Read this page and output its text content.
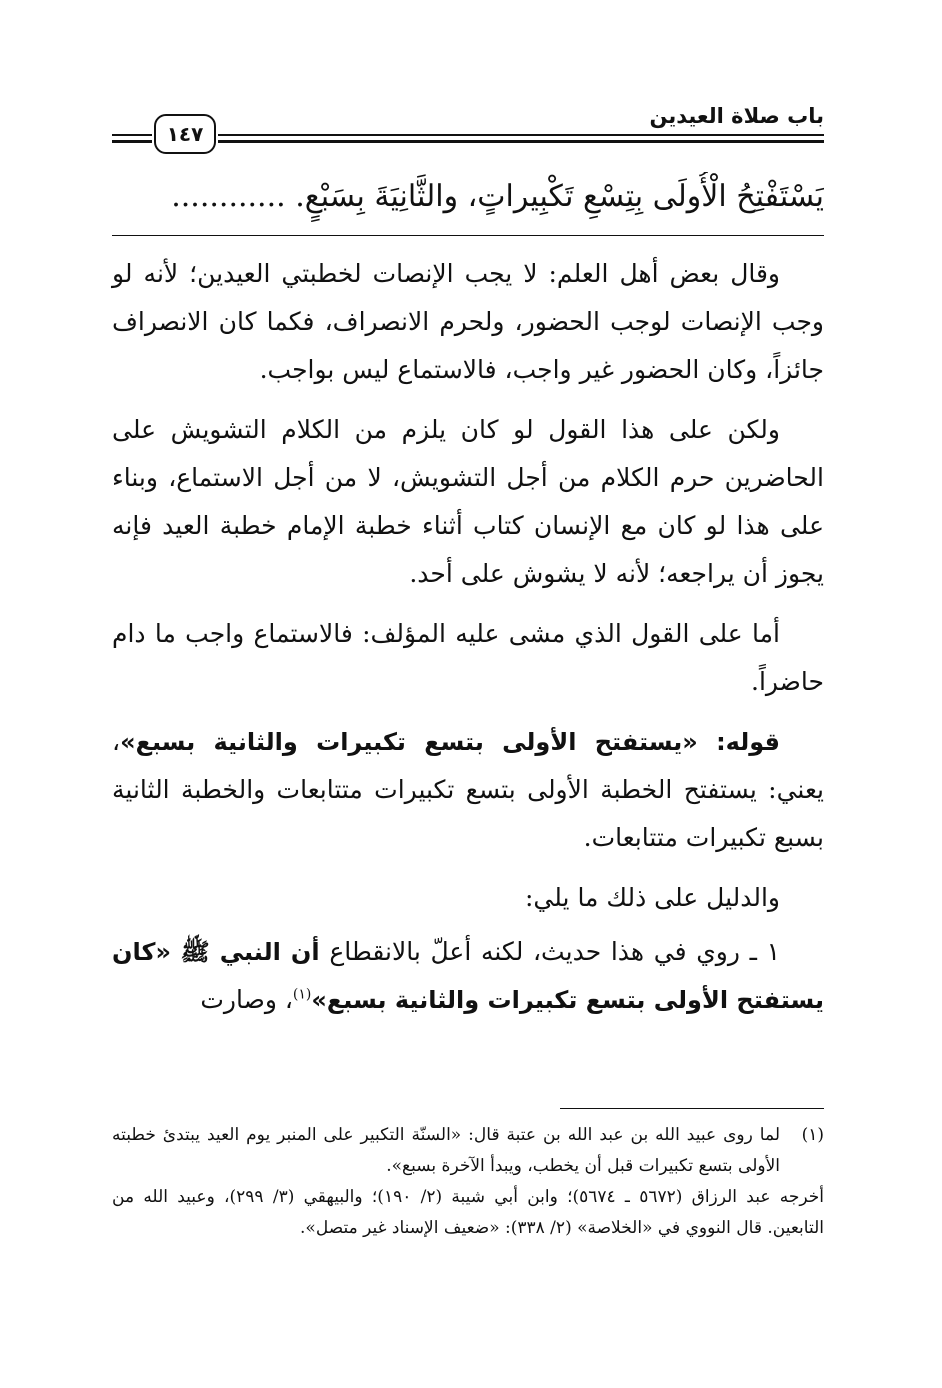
باب صلاة العيدين
١٤٧
يَسْتَفْتِحُ الْأُولَى بِتِسْعِ تَكْبِيراتٍ، والثَّانِيَةَ بِسَبْعٍ. ............

وقال بعض أهل العلم: لا يجب الإنصات لخطبتي العيدين؛ لأنه لو وجب الإنصات لوجب الحضور، ولحرم الانصراف، فكما كان الانصراف جائزاً، وكان الحضور غير واجب، فالاستماع ليس بواجب.

ولكن على هذا القول لو كان يلزم من الكلام التشويش على الحاضرين حرم الكلام من أجل التشويش، لا من أجل الاستماع، وبناء على هذا لو كان مع الإنسان كتاب أثناء خطبة الإمام خطبة العيد فإنه يجوز أن يراجعه؛ لأنه لا يشوش على أحد.

أما على القول الذي مشى عليه المؤلف: فالاستماع واجب ما دام حاضراً.

قوله: «يستفتح الأولى بتسع تكبيرات والثانية بسبع»، يعني: يستفتح الخطبة الأولى بتسع تكبيرات متتابعات والخطبة الثانية بسبع تكبيرات متتابعات.

والدليل على ذلك ما يلي:

١ ـ روي في هذا حديث، لكنه أعلّ بالانقطاع أن النبي ﷺ «كان يستفتح الأولى بتسع تكبيرات والثانية بسبع»$^{(١)}$، وصارت

(١)

لما روى عبيد الله بن عبد الله بن عتبة قال: «السنّة التكبير على المنبر يوم العيد يبتدئ خطبته الأولى بتسع تكبيرات قبل أن يخطب، ويبدأ الآخرة بسبع».

أخرجه عبد الرزاق (٥٦٧٢ ـ ٥٦٧٤)؛ وابن أبي شيبة (٢/ ١٩٠)؛ والبيهقي (٣/ ٢٩٩)، وعبيد الله من التابعين. قال النووي في «الخلاصة» (٢/ ٣٣٨): «ضعيف الإسناد غير متصل».
